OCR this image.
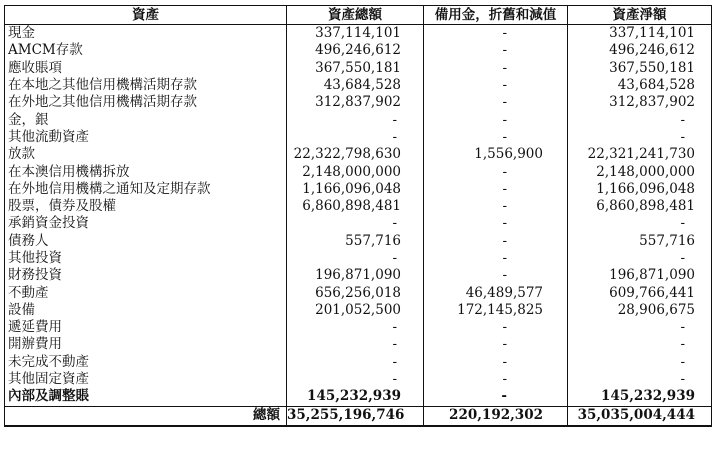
資產	資產總額	備用金，折舊和減值	資產淨額
現金	337,114,101	-	337,114,101
AMCM存款	496,246,612	-	496,246,612
應收賬項	367,550,181	-	367,550,181
在本地之其他信用機構活期存款	43,684,528	-	43,684,528
在外地之其他信用機構活期存款	312,837,902	-	312,837,902
金，銀	-	-	-
其他流動資產	-	-	-
放款	22,322,798,630	1,556,900	22,321,241,730
在本澳信用機構拆放	2,148,000,000	-	2,148,000,000
在外地信用機構之通知及定期存款	1,166,096,048	-	1,166,096,048
股票，債券及股權	6,860,898,481	-	6,860,898,481
承銷資金投資	-	-	-
債務人	557,716	-	557,716
其他投資	-	-	-
財務投資	196,871,090	-	196,871,090
不動產	656,256,018	46,489,577	609,766,441
設備	201,052,500	172,145,825	28,906,675
遞延費用	-	-	-
開辦費用	-	-	-
未完成不動產	-	-	-
其他固定資產	-	-	-
內部及調整賬	145,232,939	-	145,232,939
總額	35,255,196,746	220,192,302	35,035,004,444
